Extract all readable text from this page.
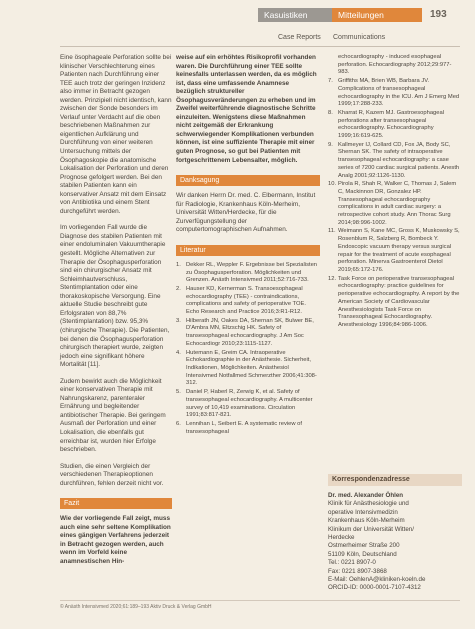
Kasuistiken	Mitteilungen	193
Case Reports Communications

Eine ösophageale Perforation sollte bei klinischer Verschlechterung eines Patienten nach Durchführung einer TEE auch trotz der geringen Inzidenz also immer in Betracht gezogen werden. Prinzipiell nicht identisch, kann zwischen der Sonde besonders im Verlauf unter Verdacht auf die oben beschriebenen Maßnahmen zur eigentlichen Aufklärung und Durchführung von einer weiteren Untersuchung mittels der Ösophagoskopie die anatomische Lokalisation der Perforation und deren Prognose gefolgert werden. Bei den stabilen Patienten kann ein konservativer Ansatz mit dem Einsatz von Antibiotika und einem Stent durchgeführt werden.

Im vorliegenden Fall wurde die Diagnose des stabilen Patienten mit einer endoluminalen Vakuumtherapie gestellt. Mögliche Alternativen zur Therapie der Ösophagusperforation sind ein chirurgischer Ansatz mit Schleimhautverschluss, Stentimplantation oder eine thorakoskopische Versorgung. Eine aktuelle Studie beschreibt gute Erfolgsraten von 88,7% (Stentimplantation) bzw. 95,3% (chirurgische Therapie). Die Patienten, bei denen die Ösophagusperforation chirurgisch therapiert wurde, zeigten jedoch eine signifikant höhere Mortalität [11].

Zudem bewirkt auch die Möglichkeit einer konservativen Therapie mit Nahrungskarenz, parenteraler Ernährung und begleitender antibiotischer Therapie. Bei geringem Ausmaß der Perforation und einer Lokalisation, die ebenfalls gut erreichbar ist, wurden hier Erfolge beschrieben.

Studien, die einen Vergleich der verschiedenen Therapieoptionen durchführen, fehlen derzeit nicht vor.

Fazit

Wie der vorliegende Fall zeigt, muss auch eine sehr seltene Komplikation eines gängigen Verfahrens jederzeit in Betracht gezogen werden, auch wenn im Vorfeld keine anamnestischen Hin-

weise auf ein erhöhtes Risikoprofil vorhanden waren. Die Durchführung einer TEE sollte keinesfalls unterlassen werden, da es möglich ist, dass eine umfassende Anamnese bezüglich struktureller Ösophagusveränderungen zu erheben und im Zweifel weiterführende diagnostische Schritte einzuleiten. Wenigstens diese Maßnahmen nicht zeitgemäß der Erkrankung schwerwiegender Komplikationen verbunden können, ist eine suffiziente Therapie mit einer guten Prognose, so gut bei Patienten mit fortgeschrittenem Lebensalter, möglich.

Danksagung

Wir danken Herrn Dr. med. C. Elbermann, Institut für Radiologie, Krankenhaus Köln-Merheim, Universität Witten/Herdecke, für die Zurverfügungstellung der computertomographischen Aufnahmen.

Literatur
1. Dekker RL, Weppler F. Ergebnisse bei Spezialisten zu Ösophagusperforation. Möglichkeiten und Grenzen. Anästh Intensivmed 2011;52:716-733.
2. Hauser KD, Kernerman S. Transoesophageal echocardiography (TEE) - contraindications, complications and safety of perioperative TOE. Echo Research and Practice 2016;3:R1-R12.
3. Hilberath JN, Oakes DA, Shernan SK, Bulwer BE, D'Ambra MN, Eltzschig HK. Safety of transesophageal echocardiography. J Am Soc Echocardiogr 2010;23:1115-1127.
4. Hutemann E, Greim CA. Intraoperative Echokardiographie in der Anästhesie. Sicherheit, Indikationen, Möglichkeiten. Anästhesiol Intensivmed Notfallmed Schmerzther 2006;41:308-312.
5. Daniel P, Haberl R, Zerwig K, et al. Safety of transesophageal echocardiography. A multicenter survey of 10,419 examinations. Circulation 1991;83:817-821.
6. Lennihan L, Seibert E. A systematic review of transesophageal
echocardiography - induced esophageal perforation. Echocardiography 2012;29:977-983.
7. Griffiths MA, Brien WB, Barbara JV. Complications of transesophageal echocardiography in the ICU. Am J Emerg Med 1999;17:288-233.
8. Kharrat R, Kazem MJ. Gastroesophageal perforations after transesophageal echocardiography. Echocardiography 1999;16:619-625.
9. Kallmeyer IJ, Collard CD, Fox JA, Body SC, Shernan SK. The safety of intraoperative transesophageal echocardiography: a case series of 7200 cardiac surgical patients. Anesth Analg 2001;92:1126-1130.
10. Pirola R, Shah R, Walker C, Thomas J, Salem C, Mackinnon DR, Gonzalez HP. Transesophageal echocardiography complications in adult cardiac surgery: a retrospective cohort study. Ann Thorac Surg 2014;98:996-1002.
11. Weimann S, Kane MC, Gross K, Muskowsky S, Rosenblum R, Salzberg R, Bombeck Y. Endoscopic vacuum therapy versus surgical repair for the treatment of acute esophageal perforation. Minerva Gastroenterol Dietol 2019;65:172-176.
12. Task Force on perioperative transesophageal echocardiography: practice guidelines for perioperative echocardiography. A report by the American Society of Cardiovascular Anesthesiologists Task Force on Transesophageal Echocardiography. Anesthesiology 1996;84:986-1006.
Korrespondenzadresse
Dr. med. Alexander Öhlen
Klinik für Anästhesiologie und
operative Intensivmedizin
Krankenhaus Köln-Merheim
Klinikum der Universität Witten/
Herdecke
Ostmerheimer Straße 200
51109 Köln, Deutschland
Tel.: 0221 8907-0
Fax: 0221 8907-3868
E-Mail: OehlenA@kliniken-koeln.de
ORCID-ID: 0000-0001-7107-4312
© Anästh Intensivmed 2020;61:189–193 Aktiv Druck & Verlag GmbH
